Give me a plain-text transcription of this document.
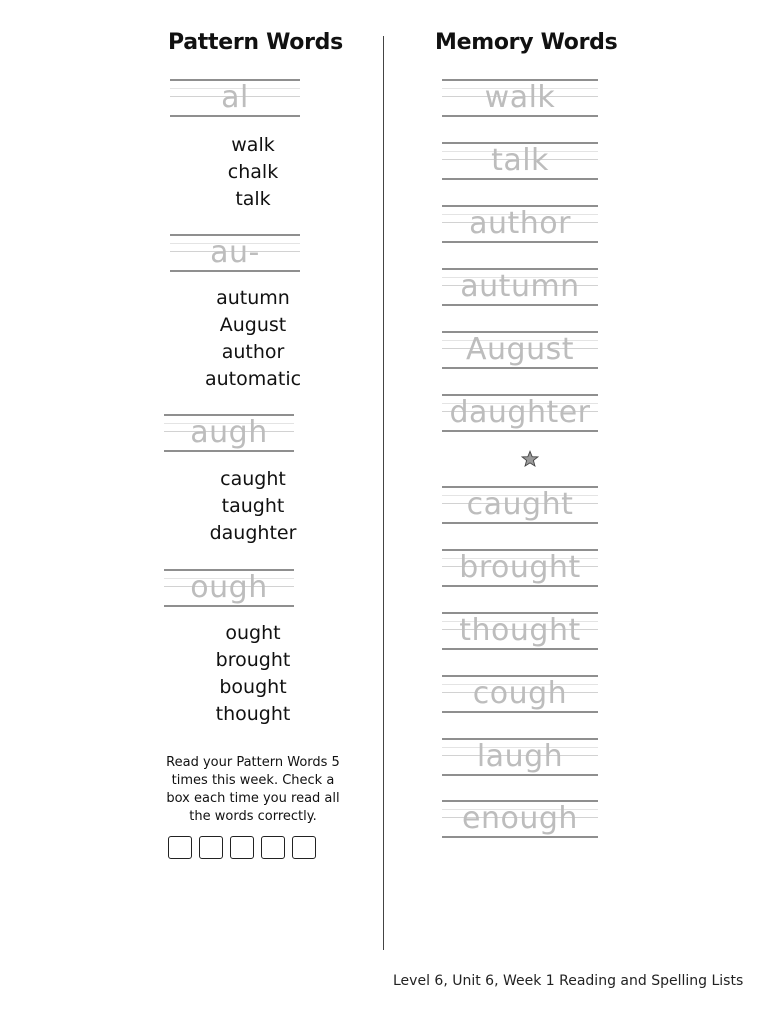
Pattern Words	Memory Words
al
walk
chalk
talk
au-
autumn
August
author
automatic
augh
caught
taught
daughter
ough
ought
brought
bought
thought
Read your Pattern Words 5 times this week. Check a box each time you read all the words correctly.
walk
talk
author
autumn
August
daughter
caught
brought
thought
cough
laugh
enough
Level 6, Unit 6, Week 1 Reading and Spelling Lists
